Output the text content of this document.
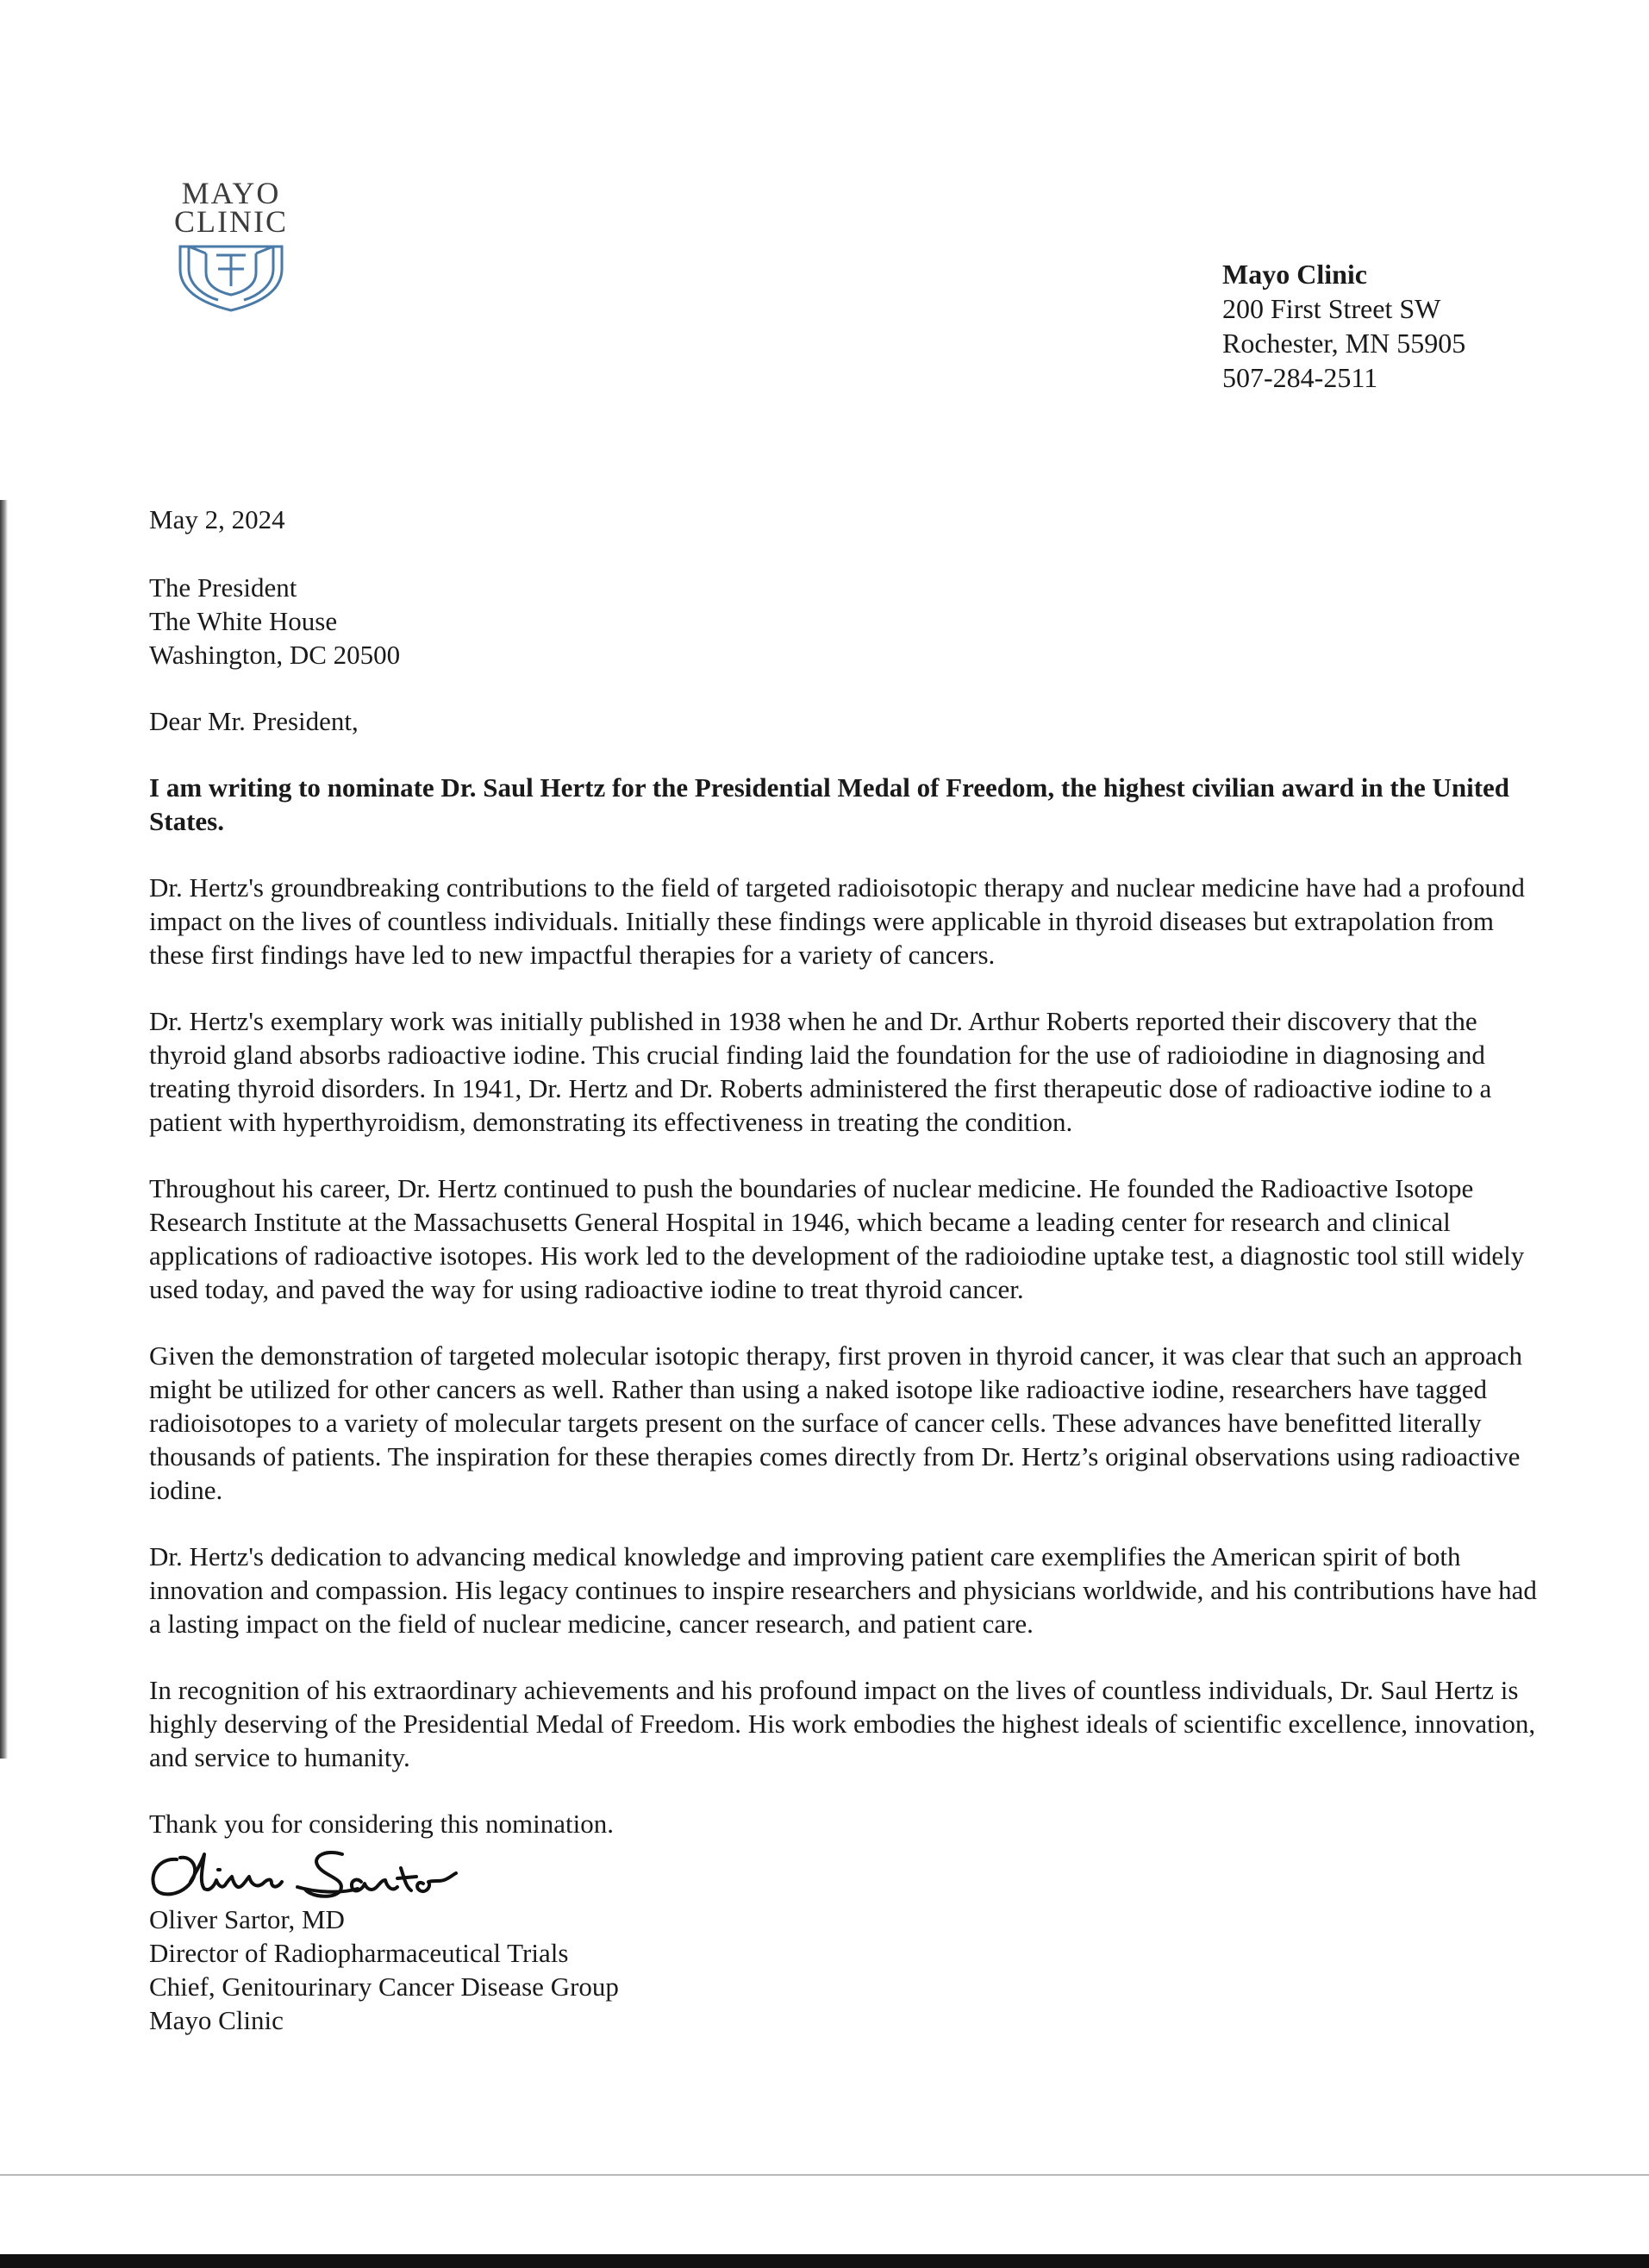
MAYO
CLINIC
Mayo Clinic
200 First Street SW
Rochester, MN 55905
507-284-2511

May 2, 2024

The President
The White House
Washington, DC 20500

Dear Mr. President,

I am writing to nominate Dr. Saul Hertz for the Presidential Medal of Freedom, the highest civilian award in the United States.

Dr. Hertz's groundbreaking contributions to the field of targeted radioisotopic therapy and nuclear medicine have had a profound impact on the lives of countless individuals. Initially these findings were applicable in thyroid diseases but extrapolation from these first findings have led to new impactful therapies for a variety of cancers.

Dr. Hertz's exemplary work was initially published in 1938 when he and Dr. Arthur Roberts reported their discovery that the thyroid gland absorbs radioactive iodine. This crucial finding laid the foundation for the use of radioiodine in diagnosing and treating thyroid disorders. In 1941, Dr. Hertz and Dr. Roberts administered the first therapeutic dose of radioactive iodine to a patient with hyperthyroidism, demonstrating its effectiveness in treating the condition.

Throughout his career, Dr. Hertz continued to push the boundaries of nuclear medicine. He founded the Radioactive Isotope Research Institute at the Massachusetts General Hospital in 1946, which became a leading center for research and clinical applications of radioactive isotopes. His work led to the development of the radioiodine uptake test, a diagnostic tool still widely used today, and paved the way for using radioactive iodine to treat thyroid cancer.

Given the demonstration of targeted molecular isotopic therapy, first proven in thyroid cancer, it was clear that such an approach might be utilized for other cancers as well. Rather than using a naked isotope like radioactive iodine, researchers have tagged radioisotopes to a variety of molecular targets present on the surface of cancer cells. These advances have benefitted literally thousands of patients. The inspiration for these therapies comes directly from Dr. Hertz’s original observations using radioactive iodine.

Dr. Hertz's dedication to advancing medical knowledge and improving patient care exemplifies the American spirit of both innovation and compassion. His legacy continues to inspire researchers and physicians worldwide, and his contributions have had a lasting impact on the field of nuclear medicine, cancer research, and patient care.

In recognition of his extraordinary achievements and his profound impact on the lives of countless individuals, Dr. Saul Hertz is highly deserving of the Presidential Medal of Freedom. His work embodies the highest ideals of scientific excellence, innovation, and service to humanity.

Thank you for considering this nomination.

Oliver Sartor, MD
Director of Radiopharmaceutical Trials
Chief, Genitourinary Cancer Disease Group
Mayo Clinic
